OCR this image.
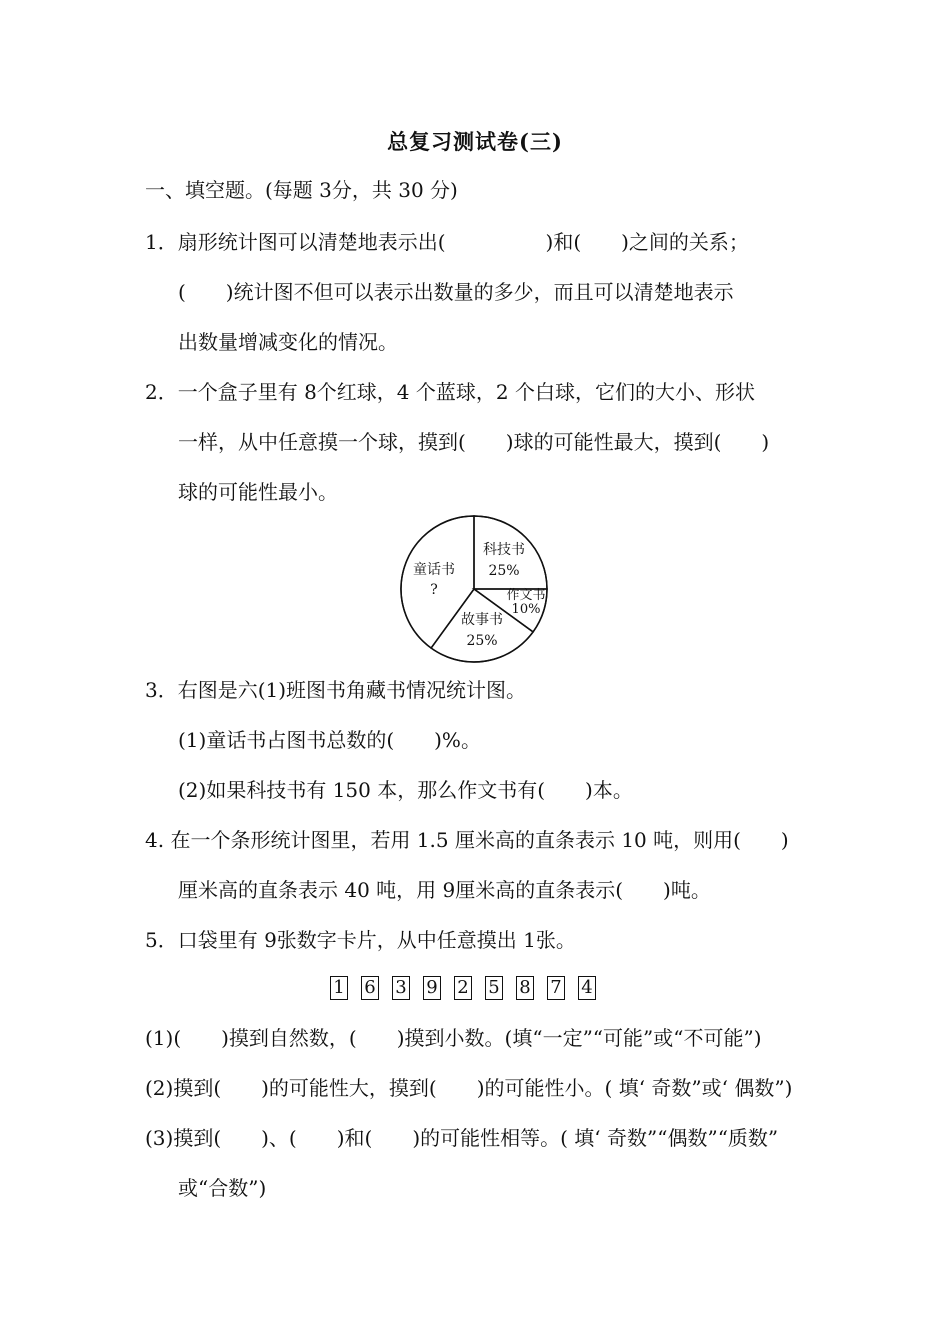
总复习测试卷(三)
一、填空题。(每题 3分，共 30 分)
1．扇形统计图可以清楚地表示出(　　　　　)和(　　)之间的关系；
(　　)统计图不但可以表示出数量的多少，而且可以清楚地表示
出数量增减变化的情况。
2．一个盒子里有 8个红球，4 个蓝球，2 个白球，它们的大小、形状
一样，从中任意摸一个球，摸到(　　)球的可能性最大，摸到(　　)
球的可能性最小。
科技书
25%
作文书
10%
故事书
25%
童话书
?
3．右图是六(1)班图书角藏书情况统计图。
(1)童话书占图书总数的(　　)%。
(2)如果科技书有 150 本，那么作文书有(　　)本。
4. 在一个条形统计图里，若用 1.5 厘米高的直条表示 10 吨，则用(　　)
厘米高的直条表示 40 吨，用 9厘米高的直条表示(　　)吨。
5．口袋里有 9张数字卡片，从中任意摸出 1张。
1 6 3 9 2 5 8 7 4
(1)(　　)摸到自然数，(　　)摸到小数。(填“一定”“可能”或“不可能”)
(2)摸到(　　)的可能性大，摸到(　　)的可能性小。( 填‘ 奇数”或‘ 偶数”)
(3)摸到(　　)、(　　)和(　　)的可能性相等。( 填‘ 奇数”“偶数”“质数”
或“合数”)
